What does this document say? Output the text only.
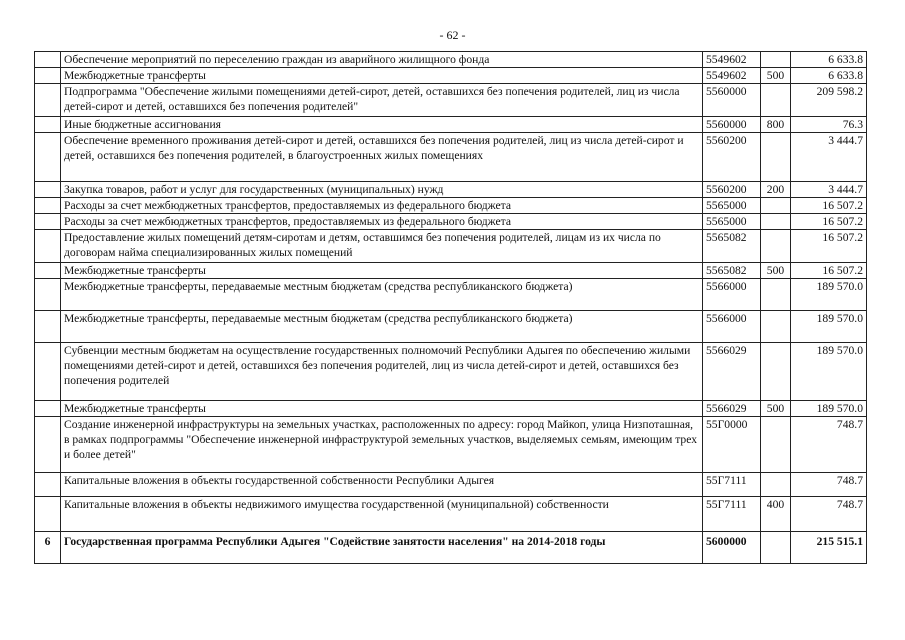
- 62 -
	Обеспечение мероприятий по переселению граждан из аварийного жилищного фонда	5549602		6 633.8
	Межбюджетные трансферты	5549602	500	6 633.8
	Подпрограмма "Обеспечение жилыми помещениями детей-сирот, детей, оставшихся без попечения родителей, лиц из числа детей-сирот и детей, оставшихся без попечения родителей"	5560000		209 598.2
	Иные бюджетные ассигнования	5560000	800	76.3
	Обеспечение временного проживания детей-сирот и детей, оставшихся без попечения родителей, лиц из числа детей-сирот и детей, оставшихся без попечения родителей, в благоустроенных жилых помещениях	5560200		3 444.7
	Закупка товаров, работ и услуг для государственных (муниципальных) нужд	5560200	200	3 444.7
	Расходы за счет межбюджетных трансфертов, предоставляемых из федерального бюджета	5565000		16 507.2
	Расходы за счет межбюджетных трансфертов, предоставляемых из федерального бюджета	5565000		16 507.2
	Предоставление жилых помещений детям-сиротам и детям, оставшимся без попечения родителей, лицам из их числа по договорам найма специализированных жилых помещений	5565082		16 507.2
	Межбюджетные трансферты	5565082	500	16 507.2
	Межбюджетные трансферты, передаваемые местным бюджетам (средства республиканского бюджета)	5566000		189 570.0
	Межбюджетные трансферты, передаваемые местным бюджетам (средства республиканского бюджета)	5566000		189 570.0
	Субвенции местным бюджетам на осуществление государственных полномочий Республики Адыгея по обеспечению жилыми помещениями детей-сирот и детей, оставшихся без попечения родителей, лиц из числа детей-сирот и детей, оставшихся без попечения родителей	5566029		189 570.0
	Межбюджетные трансферты	5566029	500	189 570.0
	Создание инженерной инфраструктуры на земельных участках, расположенных по адресу: город Майкоп, улица Низпоташная, в рамках подпрограммы "Обеспечение инженерной инфраструктурой земельных участков, выделяемых семьям, имеющим трех и более детей"	55Г0000		748.7
	Капитальные вложения в объекты государственной собственности Республики Адыгея	55Г7111		748.7
	Капитальные вложения в объекты недвижимого имущества государственной (муниципальной) собственности	55Г7111	400	748.7
6	Государственная программа Республики Адыгея "Содействие занятости населения" на 2014-2018 годы	5600000		215 515.1
